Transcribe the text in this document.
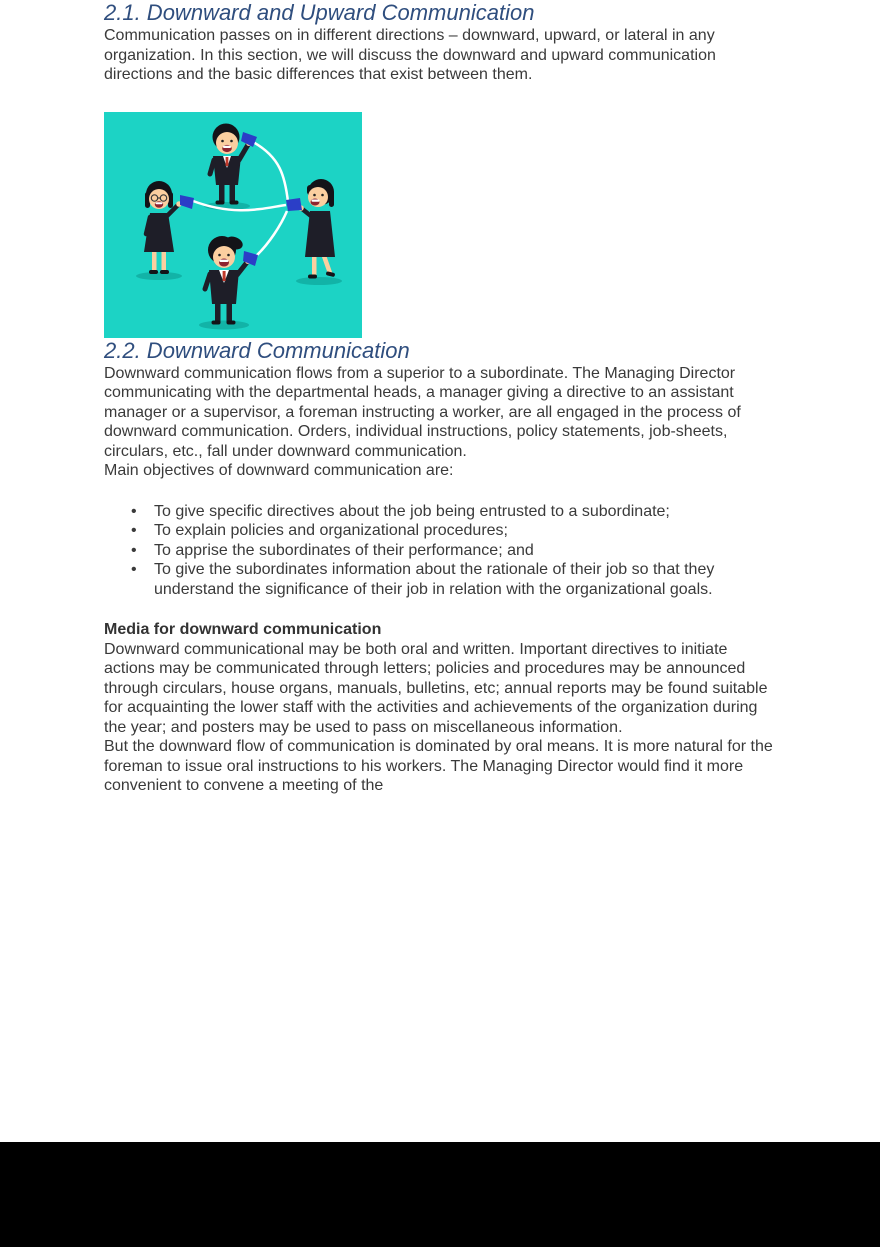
2.1. Downward and Upward Communication

Communication passes on in different directions – downward, upward, or lateral in any organization. In this section, we will discuss the downward and upward communication directions and the basic differences that exist between them.

2.2. Downward Communication

Downward communication flows from a superior to a subordinate. The Managing Director communicating with the departmental heads, a manager giving a directive to an assistant manager or a supervisor, a foreman instructing a worker, are all engaged in the process of downward communication. Orders, individual instructions, policy statements, job-sheets, circulars, etc., fall under downward communication.

Main objectives of downward communication are:

• To give specific directives about the job being entrusted to a subordinate;
• To explain policies and organizational procedures;
• To apprise the subordinates of their performance; and
• To give the subordinates information about the rationale of their job so that they understand the significance of their job in relation with the organizational goals.
Media for downward communication

Downward communicational may be both oral and written. Important directives to initiate actions may be communicated through letters; policies and procedures may be announced through circulars, house organs, manuals, bulletins, etc; annual reports may be found suitable for acquainting the lower staff with the activities and achievements of the organization during the year; and posters may be used to pass on miscellaneous information.

But the downward flow of communication is dominated by oral means. It is more natural for the foreman to issue oral instructions to his workers. The Managing Director would find it more convenient to convene a meeting of the
